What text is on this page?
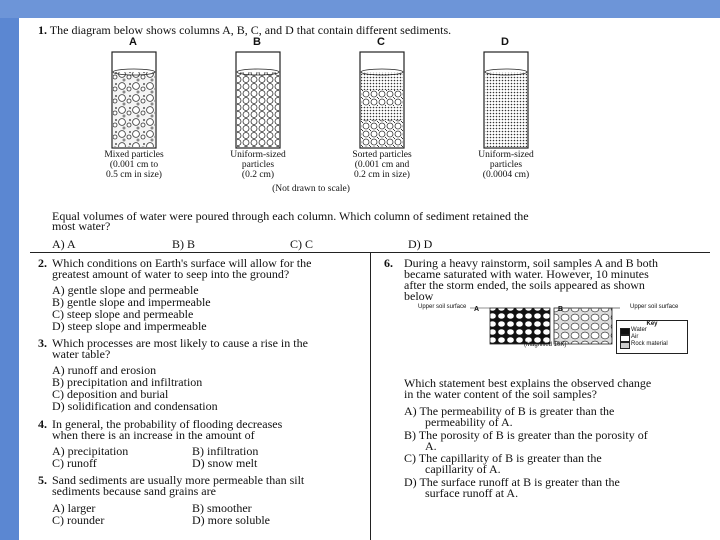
1. The diagram below shows columns A, B, C, and D that contain different sediments.
A	B	C	D
Mixed particles
(0.001 cm to
0.5 cm in size)
Uniform-sized
particles
(0.2 cm)
Sorted particles
(0.001 cm and
0.2 cm in size)
Uniform-sized
particles
(0.0004 cm)
(Not drawn to scale)
Equal volumes of water were poured through each column. Which column of sediment retained the
most water?
A) A	B) B	C) C	D) D
2. Which conditions on Earth's surface will allow for the
greatest amount of water to seep into the ground?
A) gentle slope and permeable
B) gentle slope and impermeable
C) steep slope and permeable
D) steep slope and impermeable
3. Which processes are most likely to cause a rise in the
water table?
A) runoff and erosion
B) precipitation and infiltration
C) deposition and burial
D) solidification and condensation
4. In general, the probability of flooding decreases
when there is an increase in the amount of
A) precipitation	B) infiltration
C) runoff	D) snow melt
5. Sand sediments are usually more permeable than silt
sediments because sand grains are
A) larger	B) smoother
C) rounder	D) more soluble
6. During a heavy rainstorm, soil samples A and B both
became saturated with water. However, 10 minutes
after the storm ended, the soils appeared as shown
below
Upper soil surface	Upper soil surface
A	B
(Magnified 10X)
Key
Water
Air
Rock material
Which statement best explains the observed change
in the water content of the soil samples?
A) The permeability of B is greater than the
permeability of A.
B) The porosity of B is greater than the porosity of
A.
C) The capillarity of B is greater than the
capillarity of A.
D) The surface runoff at B is greater than the
surface runoff at A.
